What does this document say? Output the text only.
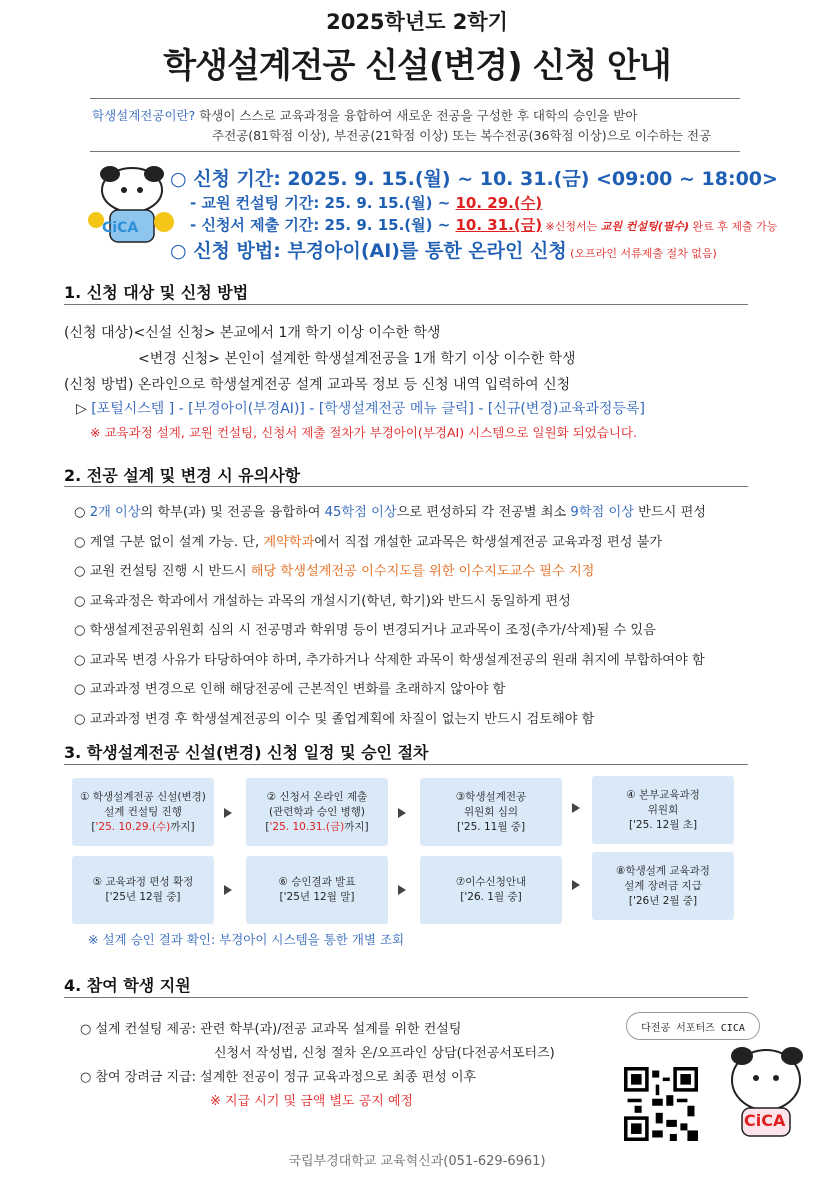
2025학년도 2학기
학생설계전공 신설(변경) 신청 안내
학생설계전공이란? 학생이 스스로 교육과정을 융합하여 새로운 전공을 구성한 후 대학의 승인을 받아
주전공(81학점 이상), 부전공(21학점 이상) 또는 복수전공(36학점 이상)으로 이수하는 전공
CiCA
○ 신청 기간: 2025. 9. 15.(월) ~ 10. 31.(금) <09:00 ~ 18:00>
- 교원 컨설팅 기간: 25. 9. 15.(월) ~ 10. 29.(수)
- 신청서 제출 기간: 25. 9. 15.(월) ~ 10. 31.(금) ※신청서는 교원 컨설팅(필수) 완료 후 제출 가능
○ 신청 방법: 부경아이(AI)를 통한 온라인 신청 (오프라인 서류제출 절차 없음)
1. 신청 대상 및 신청 방법
(신청 대상)<신설 신청> 본교에서 1개 학기 이상 이수한 학생
<변경 신청> 본인이 설계한 학생설계전공을 1개 학기 이상 이수한 학생
(신청 방법) 온라인으로 학생설계전공 설계 교과목 정보 등 신청 내역 입력하여 신청
▷ [포털시스템 ] - [부경아이(부경AI)] - [학생설계전공 메뉴 클릭] - [신규(변경)교육과정등록]
※ 교육과정 설계, 교원 컨설팅, 신청서 제출 절차가 부경아이(부경AI) 시스템으로 일원화 되었습니다.
2. 전공 설계 및 변경 시 유의사항
○ 2개 이상의 학부(과) 및 전공을 융합하여 45학점 이상으로 편성하되 각 전공별 최소 9학점 이상 반드시 편성
○ 계열 구분 없이 설계 가능. 단, 계약학과에서 직접 개설한 교과목은 학생설계전공 교육과정 편성 불가
○ 교원 컨설팅 진행 시 반드시 해당 학생설계전공 이수지도를 위한 이수지도교수 필수 지정
○ 교육과정은 학과에서 개설하는 과목의 개설시기(학년, 학기)와 반드시 동일하게 편성
○ 학생설계전공위원회 심의 시 전공명과 학위명 등이 변경되거나 교과목이 조정(추가/삭제)될 수 있음
○ 교과목 변경 사유가 타당하여야 하며, 추가하거나 삭제한 과목이 학생설계전공의 원래 취지에 부합하여야 함
○ 교과과정 변경으로 인해 해당전공에 근본적인 변화를 초래하지 않아야 함
○ 교과과정 변경 후 학생설계전공의 이수 및 졸업계획에 차질이 없는지 반드시 검토해야 함
3. 학생설계전공 신설(변경) 신청 일정 및 승인 절차
① 학생설계전공 신설(변경)
설계 컨설팅 진행
['25. 10.29.(수)까지]
② 신청서 온라인 제출
(관련학과 승인 병행)
['25. 10.31.(금)까지]
③학생설계전공
위원회 심의
['25. 11월 중]
④ 본부교육과정
위원회
['25. 12월 초]
⑤ 교육과정 편성 확정
['25년 12월 중]
⑥ 승인결과 발표
['25년 12월 말]
⑦이수신청안내
['26. 1월 중]
⑧학생설계 교육과정
설계 장려금 지급
['26년 2월 중]
※ 설계 승인 결과 확인: 부경아이 시스템을 통한 개별 조회
4. 참여 학생 지원
○ 설계 컨설팅 제공: 관련 학부(과)/전공 교과목 설계를 위한 컨설팅
신청서 작성법, 신청 절차 온/오프라인 상담(다전공서포터즈)
○ 참여 장려금 지급: 설계한 전공이 정규 교육과정으로 최종 편성 이후
※ 지급 시기 및 금액 별도 공지 예정
다전공 서포터즈 CICA
CiCA
국립부경대학교 교육혁신과(051-629-6961)
